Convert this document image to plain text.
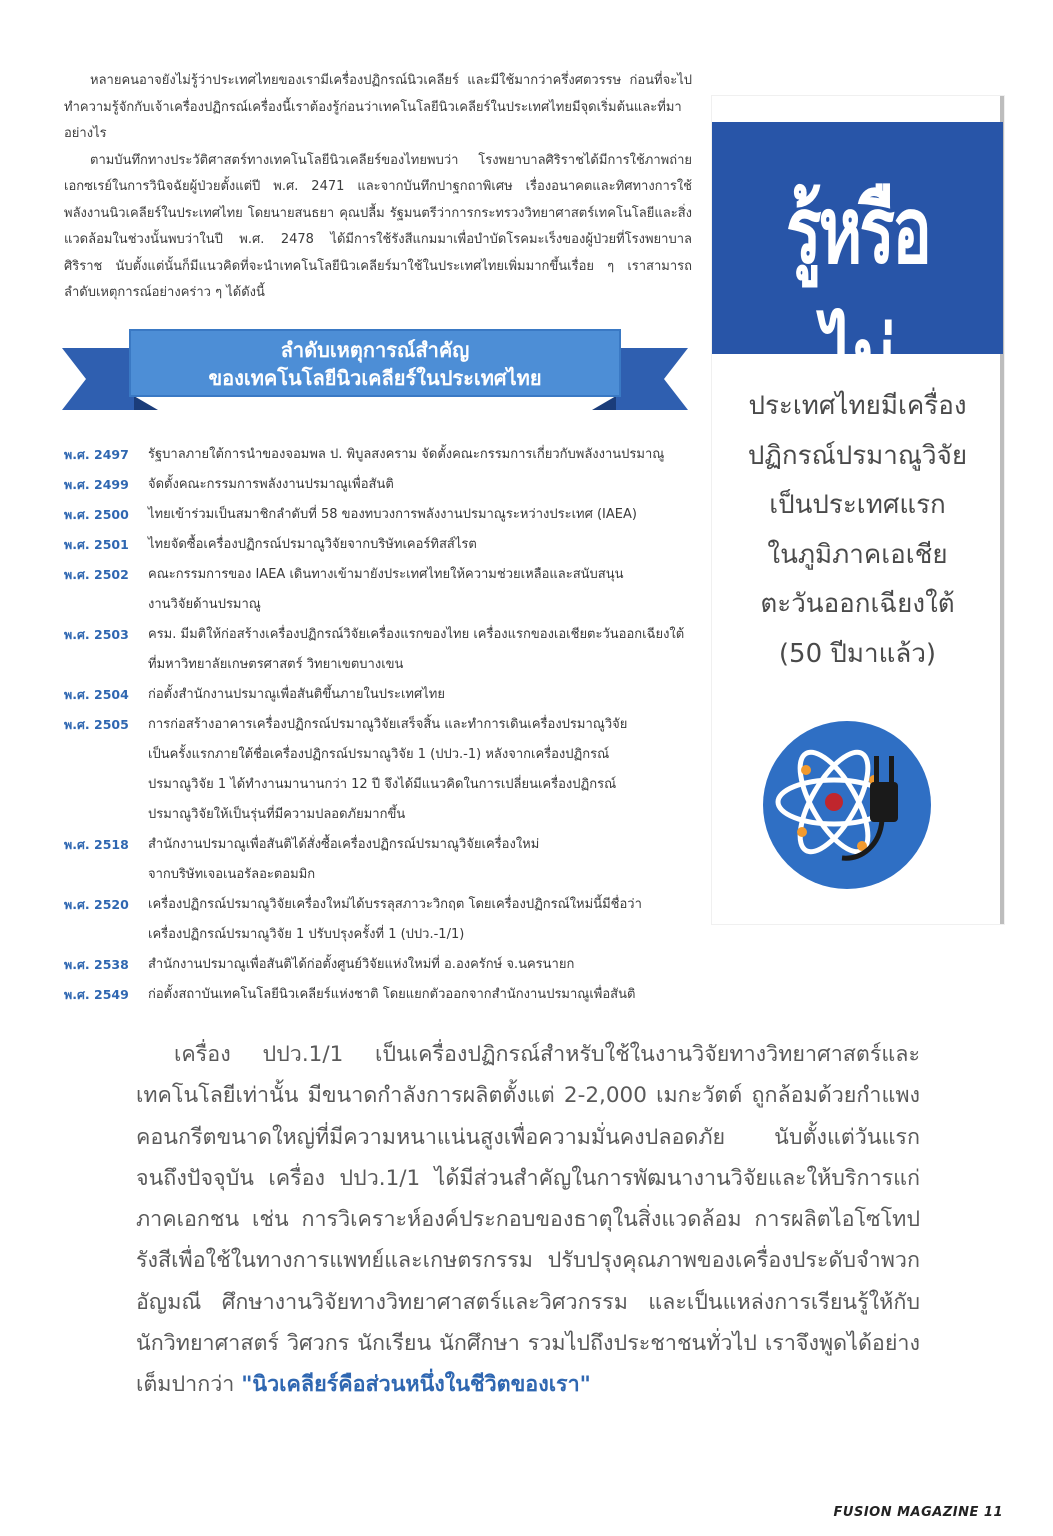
หลายคนอาจยังไม่รู้ว่าประเทศไทยของเรามีเครื่องปฏิกรณ์นิวเคลียร์ และมีใช้มากว่าครึ่งศตวรรษ ก่อนที่จะไปทำความรู้จักกับเจ้าเครื่องปฏิกรณ์เครื่องนี้เราต้องรู้ก่อนว่าเทคโนโลยีนิวเคลียร์ในประเทศไทยมีจุดเริ่มต้นและที่มาอย่างไร

ตามบันทึกทางประวัติศาสตร์ทางเทคโนโลยีนิวเคลียร์ของไทยพบว่า โรงพยาบาลศิริราชได้มีการใช้ภาพถ่ายเอกซเรย์ในการวินิจฉัยผู้ป่วยตั้งแต่ปี พ.ศ. 2471 และจากบันทึกปาฐกถาพิเศษ เรื่องอนาคตและทิศทางการใช้พลังงานนิวเคลียร์ในประเทศไทย โดยนายสนธยา คุณปลื้ม รัฐมนตรีว่าการกระทรวงวิทยาศาสตร์เทคโนโลยีและสิ่งแวดล้อมในช่วงนั้นพบว่าในปี พ.ศ. 2478 ได้มีการใช้รังสีแกมมาเพื่อบำบัดโรคมะเร็งของผู้ป่วยที่โรงพยาบาลศิริราช นับตั้งแต่นั้นก็มีแนวคิดที่จะนำเทคโนโลยีนิวเคลียร์มาใช้ในประเทศไทยเพิ่มมากขึ้นเรื่อย ๆ เราสามารถลำดับเหตุการณ์อย่างคร่าว ๆ ได้ดังนี้

ลำดับเหตุการณ์สำคัญ
ของเทคโนโลยีนิวเคลียร์ในประเทศไทย
พ.ศ. 2497	รัฐบาลภายใต้การนำของจอมพล ป. พิบูลสงคราม จัดตั้งคณะกรรมการเกี่ยวกับพลังงานปรมาณู
พ.ศ. 2499	จัดตั้งคณะกรรมการพลังงานปรมาณูเพื่อสันติ
พ.ศ. 2500	ไทยเข้าร่วมเป็นสมาชิกลำดับที่ 58 ของทบวงการพลังงานปรมาณูระหว่างประเทศ (IAEA)
พ.ศ. 2501	ไทยจัดซื้อเครื่องปฏิกรณ์ปรมาณูวิจัยจากบริษัทเคอร์ทิสส์ไรต
พ.ศ. 2502	คณะกรรมการของ IAEA เดินทางเข้ามายังประเทศไทยให้ความช่วยเหลือและสนับสนุน
งานวิจัยด้านปรมาณู
พ.ศ. 2503	ครม. มีมติให้ก่อสร้างเครื่องปฏิกรณ์วิจัยเครื่องแรกของไทย เครื่องแรกของเอเชียตะวันออกเฉียงใต้
ที่มหาวิทยาลัยเกษตรศาสตร์ วิทยาเขตบางเขน
พ.ศ. 2504	ก่อตั้งสำนักงานปรมาณูเพื่อสันติขึ้นภายในประเทศไทย
พ.ศ. 2505	การก่อสร้างอาคารเครื่องปฏิกรณ์ปรมาณูวิจัยเสร็จสิ้น และทำการเดินเครื่องปรมาณูวิจัย
เป็นครั้งแรกภายใต้ชื่อเครื่องปฏิกรณ์ปรมาณูวิจัย 1 (ปปว.-1) หลังจากเครื่องปฏิกรณ์
ปรมาณูวิจัย 1 ได้ทำงานมานานกว่า 12 ปี จึงได้มีแนวคิดในการเปลี่ยนเครื่องปฏิกรณ์
ปรมาณูวิจัยให้เป็นรุ่นที่มีความปลอดภัยมากขึ้น
พ.ศ. 2518	สำนักงานปรมาณูเพื่อสันติได้สั่งซื้อเครื่องปฏิกรณ์ปรมาณูวิจัยเครื่องใหม่
จากบริษัทเจอเนอรัลอะตอมมิก
พ.ศ. 2520	เครื่องปฏิกรณ์ปรมาณูวิจัยเครื่องใหม่ได้บรรลุสภาวะวิกฤต โดยเครื่องปฏิกรณ์ใหม่นี้มีชื่อว่า
เครื่องปฏิกรณ์ปรมาณูวิจัย 1 ปรับปรุงครั้งที่ 1 (ปปว.-1/1)
พ.ศ. 2538	สำนักงานปรมาณูเพื่อสันติได้ก่อตั้งศูนย์วิจัยแห่งใหม่ที่ อ.องครักษ์ จ.นครนายก
พ.ศ. 2549	ก่อตั้งสถาบันเทคโนโลยีนิวเคลียร์แห่งชาติ โดยแยกตัวออกจากสำนักงานปรมาณูเพื่อสันติ
รู้หรือไม่
ประเทศไทยมีเครื่อง
ปฏิกรณ์ปรมาณูวิจัย
เป็นประเทศแรก
ในภูมิภาคเอเชีย
ตะวันออกเฉียงใต้
(50 ปีมาแล้ว)

เครื่อง ปปว.1/1 เป็นเครื่องปฏิกรณ์สำหรับใช้ในงานวิจัยทางวิทยาศาสตร์และเทคโนโลยีเท่านั้น มีขนาดกำลังการผลิตตั้งแต่ 2-2,000 เมกะวัตต์ ถูกล้อมด้วยกำแพงคอนกรีตขนาดใหญ่ที่มีความหนาแน่นสูงเพื่อความมั่นคงปลอดภัย นับตั้งแต่วันแรกจนถึงปัจจุบัน เครื่อง ปปว.1/1 ได้มีส่วนสำคัญในการพัฒนางานวิจัยและให้บริการแก่ภาคเอกชน เช่น การวิเคราะห์องค์ประกอบของธาตุในสิ่งแวดล้อม การผลิตไอโซโทปรังสีเพื่อใช้ในทางการแพทย์และเกษตรกรรม ปรับปรุงคุณภาพของเครื่องประดับจำพวกอัญมณี ศึกษางานวิจัยทางวิทยาศาสตร์และวิศวกรรม และเป็นแหล่งการเรียนรู้ให้กับนักวิทยาศาสตร์ วิศวกร นักเรียน นักศึกษา รวมไปถึงประชาชนทั่วไป เราจึงพูดได้อย่างเต็มปากว่า "นิวเคลียร์คือส่วนหนึ่งในชีวิตของเรา"

FUSION MAGAZINE 11
